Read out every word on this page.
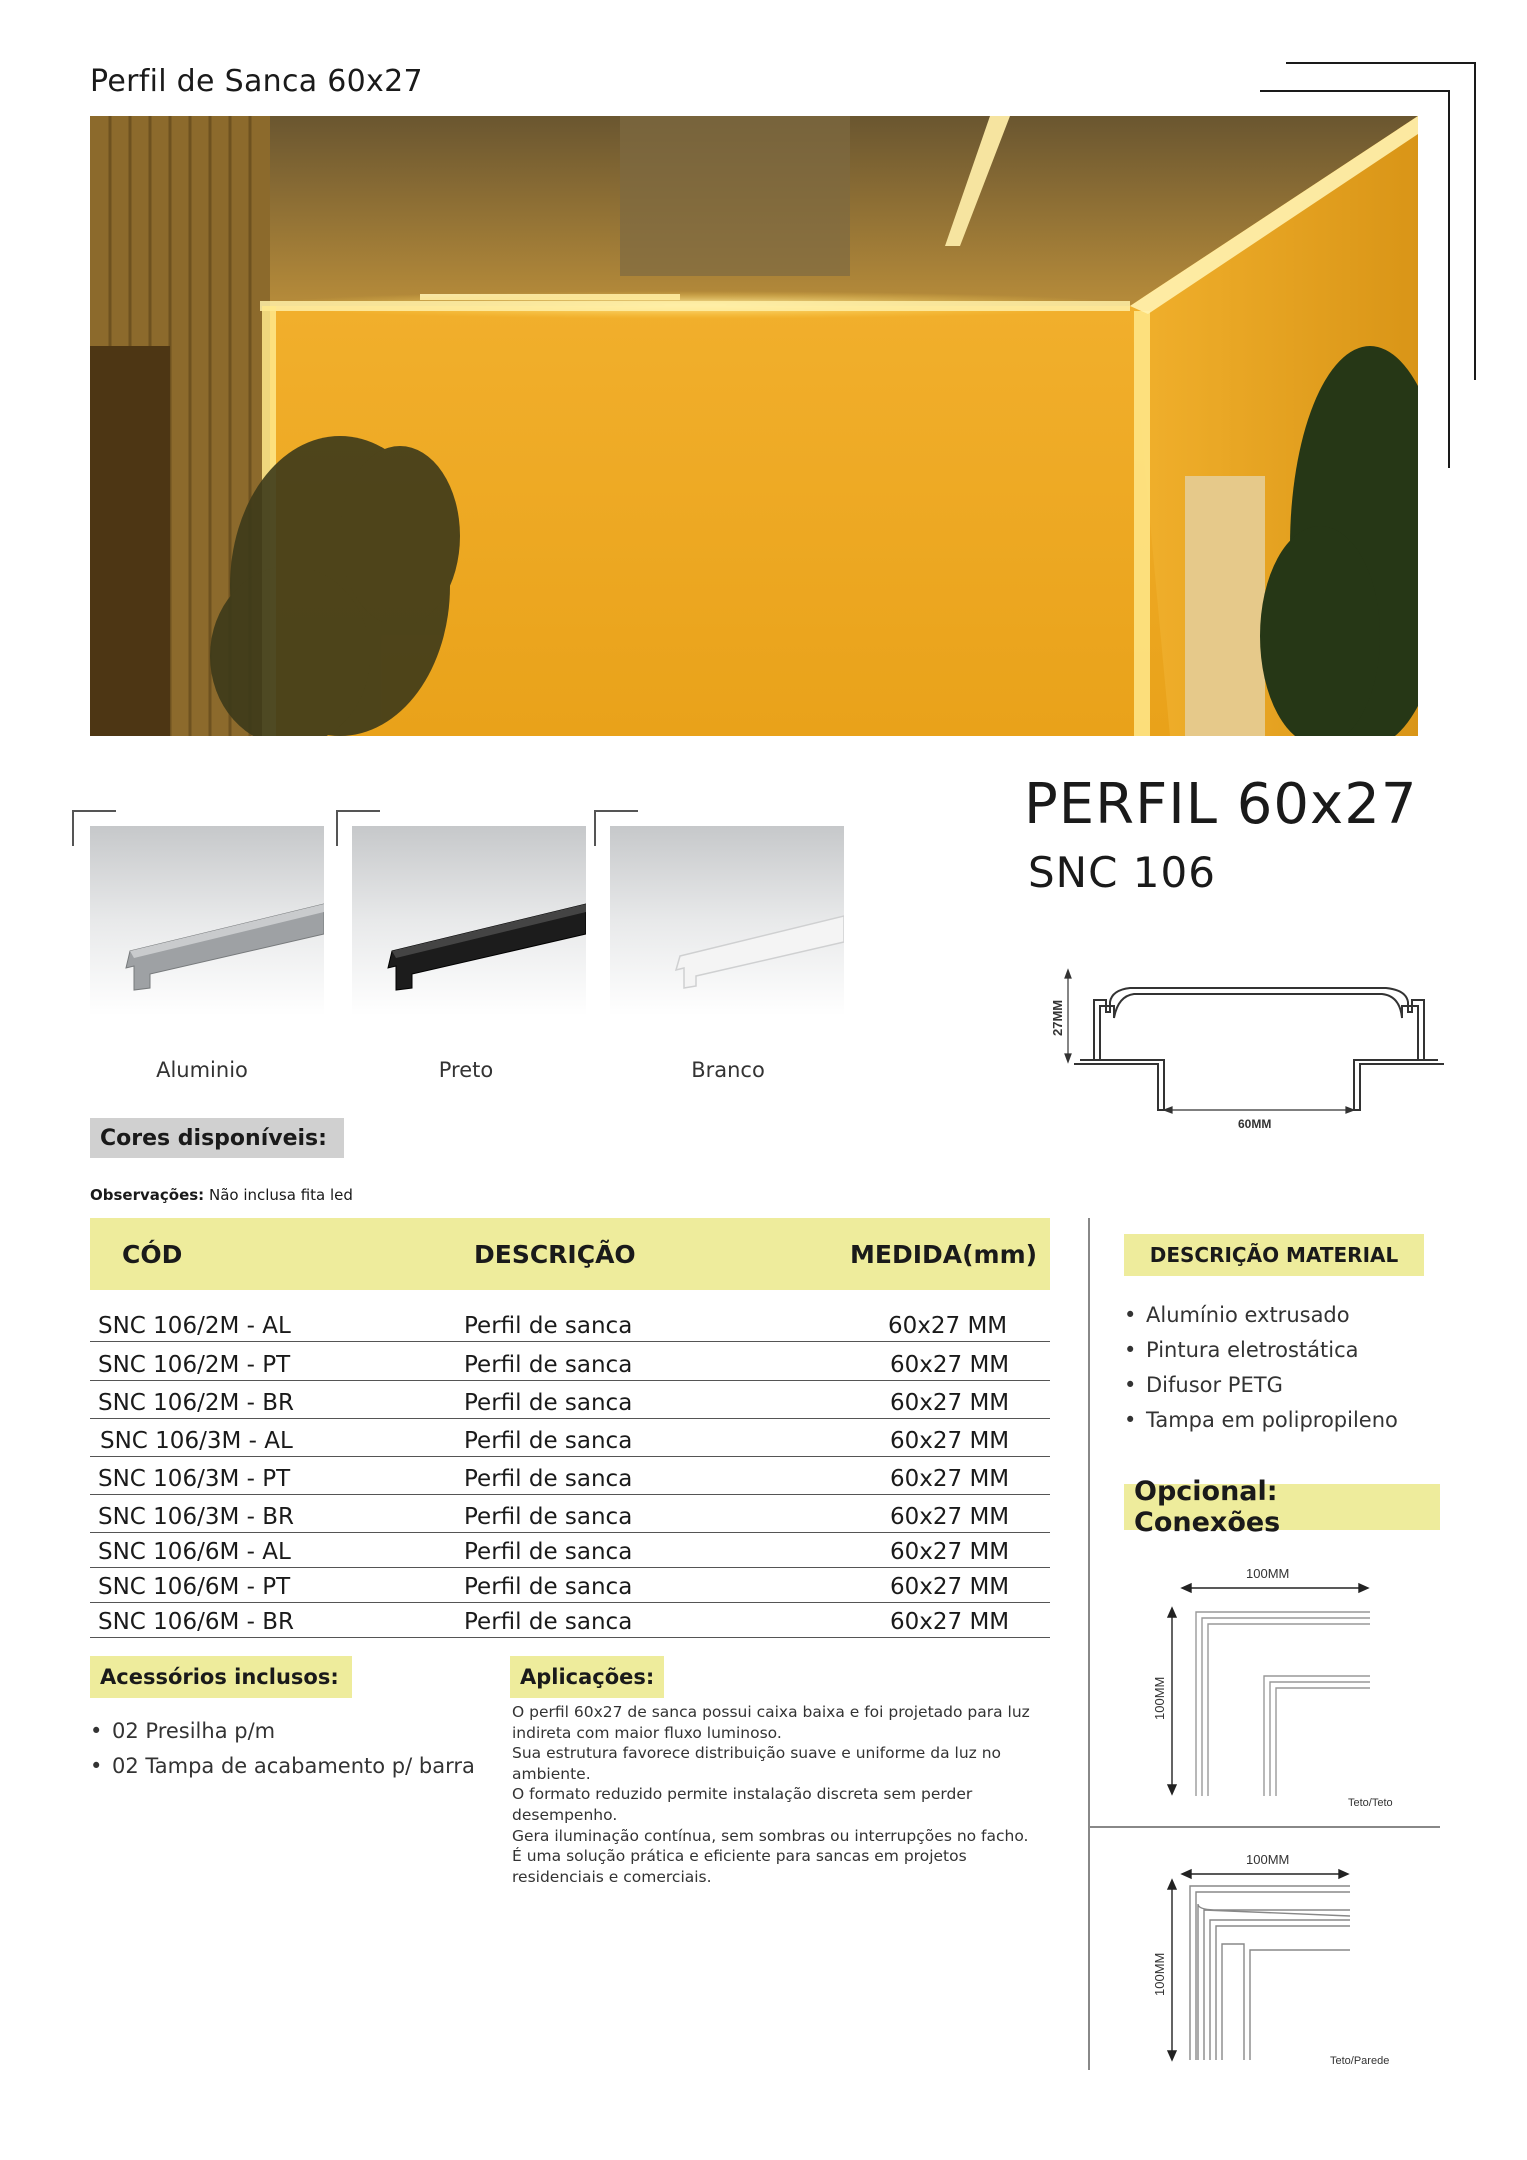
Perfil de Sanca 60x27
Aluminio	Preto	Branco
PERFIL 60x27
SNC 106
27MM
60MM
Cores disponíveis:
Observações: Não inclusa fita led
CÓD	DESCRIÇÃO	MEDIDA(mm)
SNC 106/2M - AL	Perfil de sanca	60x27 MM
SNC 106/2M - PT	Perfil de sanca	60x27 MM
SNC 106/2M - BR	Perfil de sanca	60x27 MM
SNC 106/3M - AL	Perfil de sanca	60x27 MM
SNC 106/3M - PT	Perfil de sanca	60x27 MM
SNC 106/3M - BR	Perfil de sanca	60x27 MM
SNC 106/6M - AL	Perfil de sanca	60x27 MM
SNC 106/6M - PT	Perfil de sanca	60x27 MM
SNC 106/6M - BR	Perfil de sanca	60x27 MM
DESCRIÇÃO MATERIAL
• Alumínio extrusado
• Pintura eletrostática
• Difusor PETG
• Tampa em polipropileno
Opcional: Conexões
100MM
100MM
Teto/Teto
100MM
100MM
Teto/Parede
Acessórios inclusos:
• 02 Presilha p/m
• 02 Tampa de acabamento p/ barra
Aplicações:
O perfil 60x27 de sanca possui caixa baixa e foi projetado para luz
indireta com maior fluxo luminoso.
Sua estrutura favorece distribuição suave e uniforme da luz no
ambiente.
O formato reduzido permite instalação discreta sem perder
desempenho.
Gera iluminação contínua, sem sombras ou interrupções no facho.
É uma solução prática e eficiente para sancas em projetos
residenciais e comerciais.
